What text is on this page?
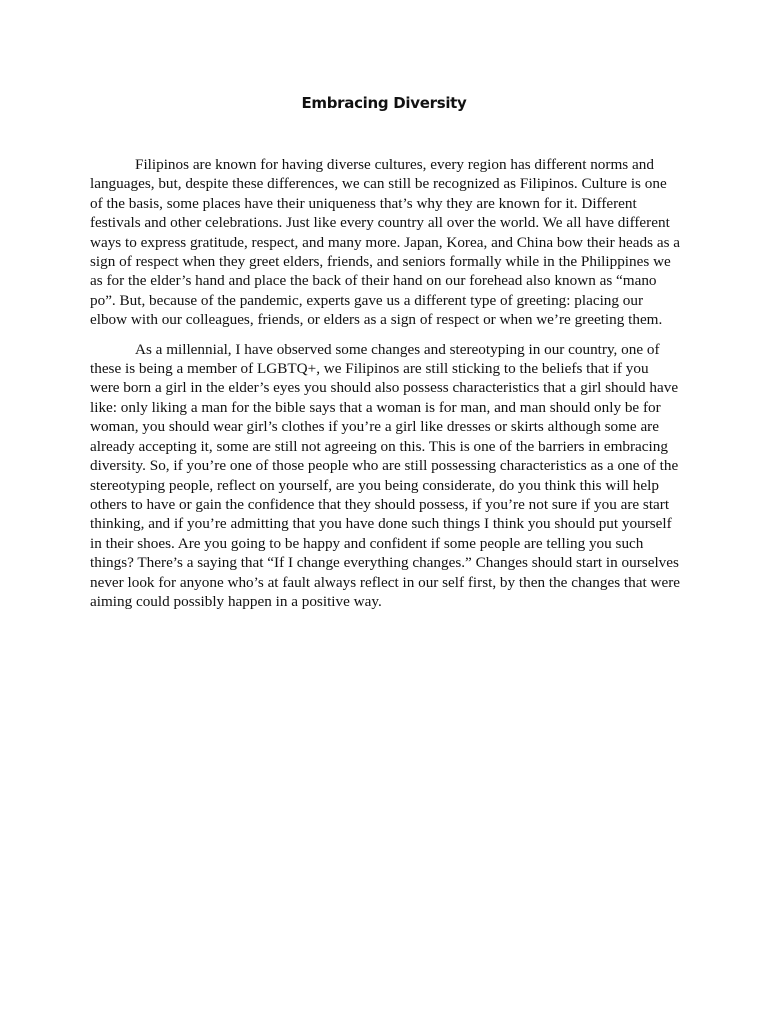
Embracing Diversity

Filipinos are known for having diverse cultures, every region has different norms and languages, but, despite these differences, we can still be recognized as Filipinos. Culture is one of the basis, some places have their uniqueness that’s why they are known for it. Different festivals and other celebrations. Just like every country all over the world. We all have different ways to express gratitude, respect, and many more. Japan, Korea, and China bow their heads as a sign of respect when they greet elders, friends, and seniors formally while in the Philippines we as for the elder’s hand and place the back of their hand on our forehead also known as “mano po”. But, because of the pandemic, experts gave us a different type of greeting: placing our elbow with our colleagues, friends, or elders as a sign of respect or when we’re greeting them.

As a millennial, I have observed some changes and stereotyping in our country, one of these is being a member of LGBTQ+, we Filipinos are still sticking to the beliefs that if you were born a girl in the elder’s eyes you should also possess characteristics that a girl should have like: only liking a man for the bible says that a woman is for man, and man should only be for woman, you should wear girl’s clothes if you’re a girl like dresses or skirts although some are already accepting it, some are still not agreeing on this. This is one of the barriers in embracing diversity. So, if you’re one of those people who are still possessing characteristics as a one of the stereotyping people, reflect on yourself, are you being considerate, do you think this will help others to have or gain the confidence that they should possess, if you’re not sure if you are start thinking, and if you’re admitting that you have done such things I think you should put yourself in their shoes. Are you going to be happy and confident if some people are telling you such things? There’s a saying that “If I change everything changes.” Changes should start in ourselves never look for anyone who’s at fault always reflect in our self first, by then the changes that were aiming could possibly happen in a positive way.
